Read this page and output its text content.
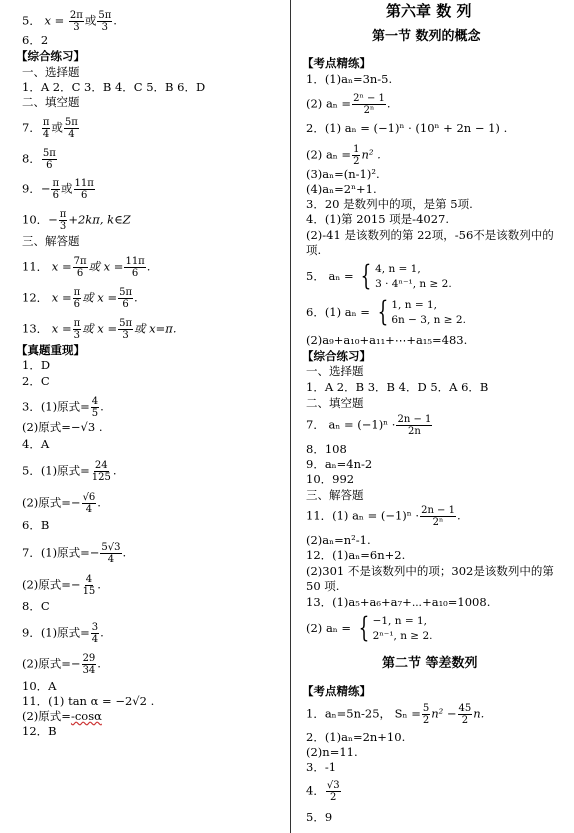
5． $x = \frac{2\pi}{3}$ 或 $\frac{5\pi}{3}$ .
6．2
【综合练习】
一、选择题
1．A 2．C 3．B 4．C 5．B 6．D
二、填空题
7． $\frac{\pi}{4}$ 或 $\frac{5\pi}{4}$
8． $\frac{5\pi}{6}$
9．− $\frac{\pi}{6}$ 或 $\frac{11\pi}{6}$
10．− $\frac{\pi}{3} +2k\pi$, k∈Z
三、解答题
11． $x = \frac{7\pi}{6}$ 或 $x = \frac{11\pi}{6}$ .
12． $x = \frac{\pi}{6}$ 或 $x = \frac{5\pi}{6}$ .
13． $x = \frac{\pi}{3}$ 或 $x = \frac{5\pi}{3}$ 或 x=π.
【真题重现】
1．D
2．C
3．(1)原式= $\frac{4}{5}$ .
(2)原式=−√3 .
4．A
5．(1)原式= $\frac{24}{125}$ .
(2)原式=− $\frac{√6}{4}$ .
6．B
7．(1)原式=− $\frac{5√3}{4}$ .
(2)原式=− $\frac{4}{15}$ .
8．C
9．(1)原式= $\frac{3}{4}$ .
(2)原式=− $\frac{29}{34}$ .
10．A
11．(1) tan α = −2√2 .
(2)原式=-cosα
12．B
第六章 数 列
第一节 数列的概念
【考点精练】
1．(1)aₙ=3n-5.
(2) $a_n = \frac{\text{2ⁿ − 1}}{\text{2ⁿ}}$ .
2．(1) aₙ = (−1)ⁿ · (10ⁿ + 2n − 1) .
(2) $a_n = \frac{1}{2} n^2$ .
(3)aₙ=(n-1)².
(4)aₙ=2ⁿ+1.
3．20 是数列中的项，是第 5项.
4．(1)第 2015 项是-4027.
(2)-41 是该数列的第 22项，-56不是该数列中的
项.
5． aₙ = { 4, n = 1,
3 · 4ⁿ⁻¹, n ≥ 2.
6．(1) aₙ = { 1, n = 1,
6n − 3, n ≥ 2.
(2)a₉+a₁₀+a₁₁+⋯+a₁₅=483.
【综合练习】
一、选择题
1．A 2．B 3．B 4．D 5．A 6．B
二、填空题
7． $a_n = (-1)^n \cdot \frac{2n - 1}{2n}$
8．108
9．aₙ=4n-2
10．992
三、解答题
11．(1) $a_n = (-1)^n \cdot \frac{2n - 1}{\text{2ⁿ}}$ .
(2)aₙ=n²-1.
12．(1)aₙ=6n+2.
(2)301 不是该数列中的项；302是该数列中的第
50 项.
13．(1)a₅+a₆+a₇+⋯+a₁₀=1008.
(2) aₙ = { −1, n = 1,
2ⁿ⁻¹, n ≥ 2.
第二节 等差数列
【考点精练】
1．aₙ=5n-25， $S_n = \frac{5}{2} n^2 - \frac{45}{2} n$.
2．(1)aₙ=2n+10.
(2)n=11.
3．-1
4． $\frac{√3}{2}$
5．9
